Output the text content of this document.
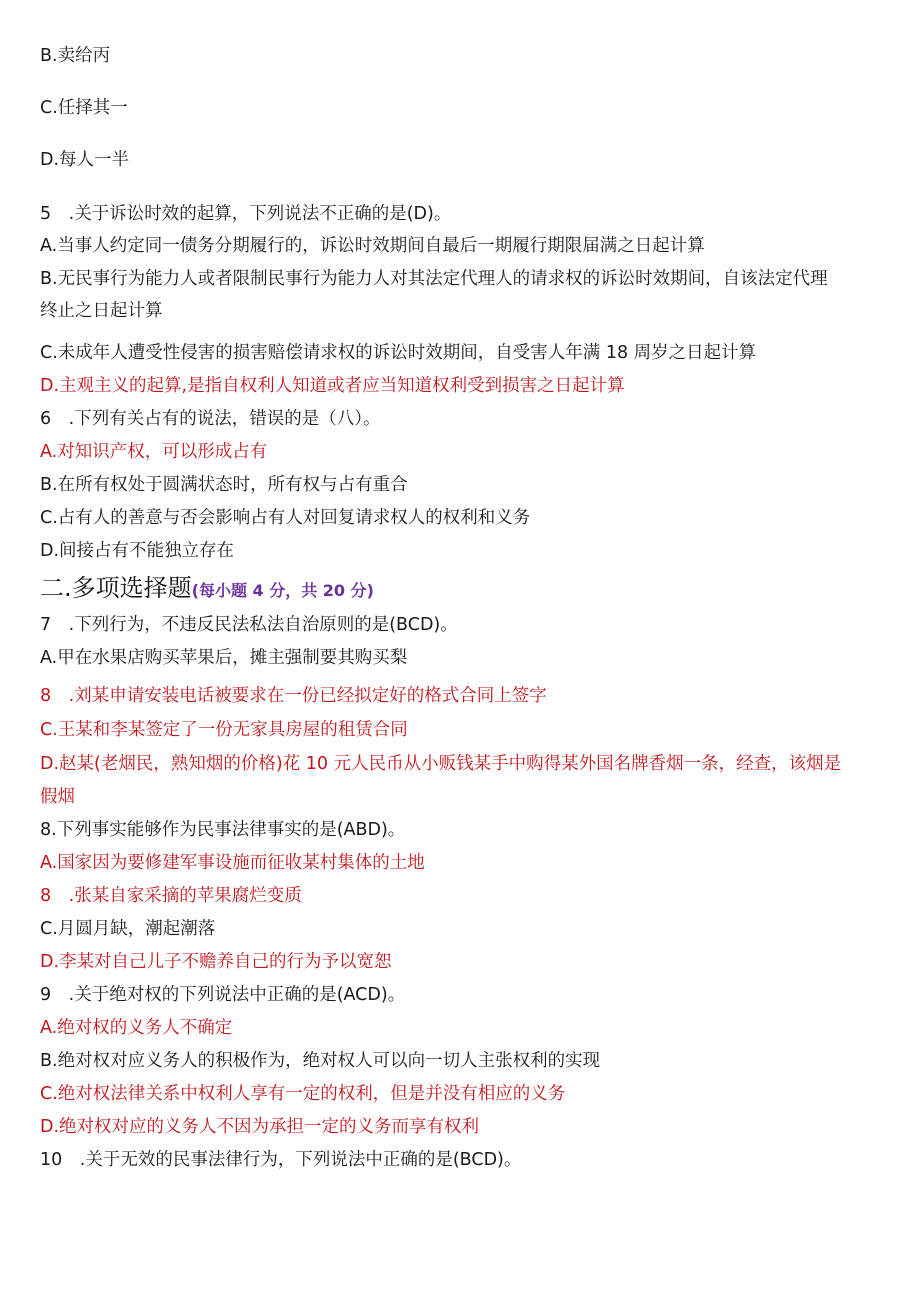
B.卖给丙
C.任择其一
D.每人一半
5　.关于诉讼时效的起算，下列说法不正确的是(D)。
A.当事人约定同一债务分期履行的，诉讼时效期间自最后一期履行期限届满之日起计算
B.无民事行为能力人或者限制民事行为能力人对其法定代理人的请求权的诉讼时效期间，自该法定代理
终止之日起计算
C.未成年人遭受性侵害的损害赔偿请求权的诉讼时效期间，自受害人年满 18 周岁之日起计算
D.主观主义的起算,是指自权利人知道或者应当知道权利受到损害之日起计算
6　.下列有关占有的说法，错误的是（八）。
A.对知识产权，可以形成占有
B.在所有权处于圆满状态时，所有权与占有重合
C.占有人的善意与否会影响占有人对回复请求权人的权利和义务
D.间接占有不能独立存在
二.多项选择题(每小题 4 分，共 20 分)
7　.下列行为，不违反民法私法自治原则的是(BCD)。
A.甲在水果店购买苹果后，摊主强制要其购买梨
8　.刘某申请安装电话被要求在一份已经拟定好的格式合同上签字
C.王某和李某签定了一份无家具房屋的租赁合同
D.赵某(老烟民，熟知烟的价格)花 10 元人民币从小贩钱某手中购得某外国名牌香烟一条，经查，该烟是
假烟
8.下列事实能够作为民事法律事实的是(ABD)。
A.国家因为要修建军事设施而征收某村集体的土地
8　.张某自家采摘的苹果腐烂变质
C.月圆月缺，潮起潮落
D.李某对自己儿子不赡养自己的行为予以宽恕
9　.关于绝对权的下列说法中正确的是(ACD)。
A.绝对权的义务人不确定
B.绝对权对应义务人的积极作为，绝对权人可以向一切人主张权利的实现
C.绝对权法律关系中权利人享有一定的权利，但是并没有相应的义务
D.绝对权对应的义务人不因为承担一定的义务而享有权利
10　.关于无效的民事法律行为，下列说法中正确的是(BCD)。
